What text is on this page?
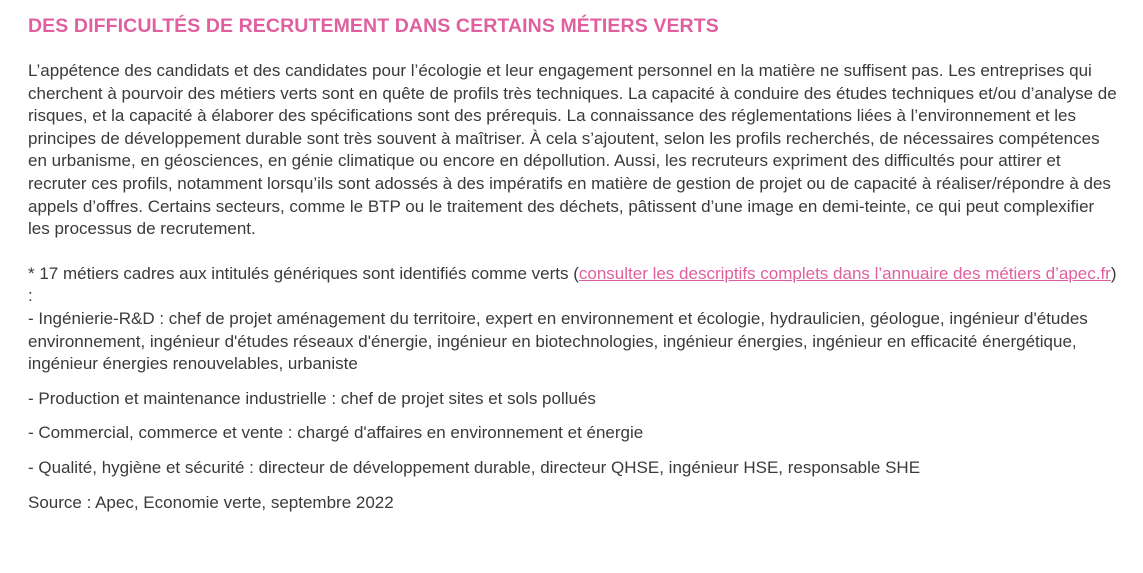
DES DIFFICULTÉS DE RECRUTEMENT DANS CERTAINS MÉTIERS VERTS

L’appétence des candidats et des candidates pour l’écologie et leur engagement personnel en la matière ne suffisent pas. Les entreprises qui cherchent à pourvoir des métiers verts sont en quête de profils très techniques. La capacité à conduire des études techniques et/ou d’analyse de risques, et la capacité à élaborer des spécifications sont des prérequis. La connaissance des réglementations liées à l’environnement et les principes de développement durable sont très souvent à maîtriser. À cela s’ajoutent, selon les profils recherchés, de nécessaires compétences en urbanisme, en géosciences, en génie climatique ou encore en dépollution. Aussi, les recruteurs expriment des difficultés pour attirer et recruter ces profils, notamment lorsqu’ils sont adossés à des impératifs en matière de gestion de projet ou de capacité à réaliser/répondre à des appels d’offres. Certains secteurs, comme le BTP ou le traitement des déchets, pâtissent d’une image en demi-teinte, ce qui peut complexifier les processus de recrutement.

* 17 métiers cadres aux intitulés génériques sont identifiés comme verts (consulter les descriptifs complets dans l’annuaire des métiers d’apec.fr) :

- Ingénierie-R&D : chef de projet aménagement du territoire, expert en environnement et écologie, hydraulicien, géologue, ingénieur d'études environnement, ingénieur d'études réseaux d'énergie, ingénieur en biotechnologies, ingénieur énergies, ingénieur en efficacité énergétique, ingénieur énergies renouvelables, urbaniste

- Production et maintenance industrielle : chef de projet sites et sols pollués

- Commercial, commerce et vente : chargé d'affaires en environnement et énergie

- Qualité, hygiène et sécurité : directeur de développement durable, directeur QHSE, ingénieur HSE, responsable SHE

Source : Apec, Economie verte, septembre 2022
